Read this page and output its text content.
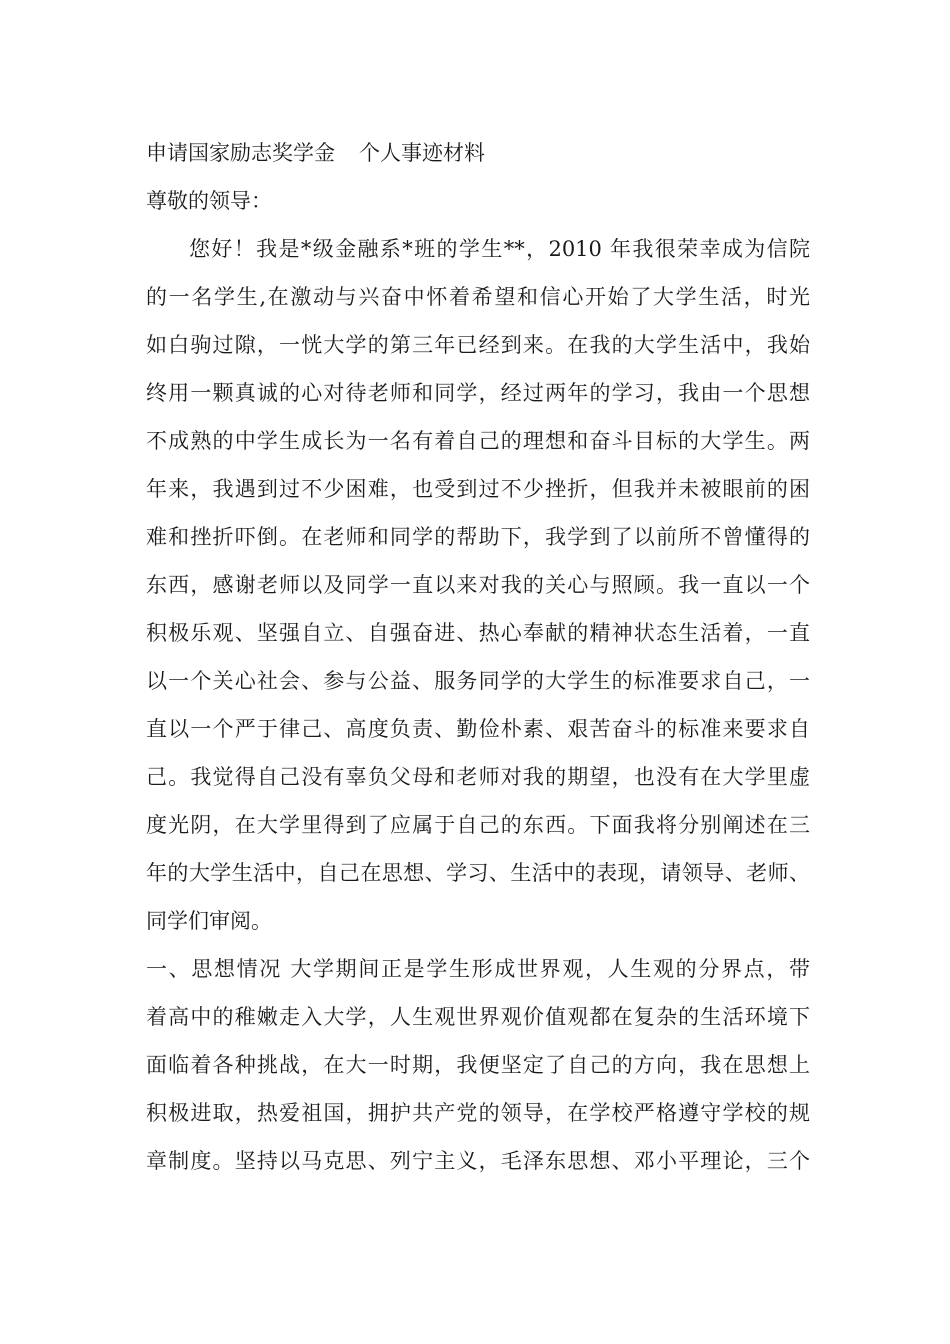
申请国家励志奖学金 个人事迹材料
尊敬的领导：
您好！我是*级金融系*班的学生**，2010 年我很荣幸成为信院
的一名学生,在激动与兴奋中怀着希望和信心开始了大学生活，时光
如白驹过隙，一恍大学的第三年已经到来。在我的大学生活中，我始
终用一颗真诚的心对待老师和同学，经过两年的学习，我由一个思想
不成熟的中学生成长为一名有着自己的理想和奋斗目标的大学生。两
年来，我遇到过不少困难，也受到过不少挫折，但我并未被眼前的困
难和挫折吓倒。在老师和同学的帮助下，我学到了以前所不曾懂得的
东西，感谢老师以及同学一直以来对我的关心与照顾。我一直以一个
积极乐观、坚强自立、自强奋进、热心奉献的精神状态生活着，一直
以一个关心社会、参与公益、服务同学的大学生的标准要求自己，一
直以一个严于律己、高度负责、勤俭朴素、艰苦奋斗的标准来要求自
己。我觉得自己没有辜负父母和老师对我的期望，也没有在大学里虚
度光阴，在大学里得到了应属于自己的东西。下面我将分别阐述在三
年的大学生活中，自己在思想、学习、生活中的表现，请领导、老师、
同学们审阅。
一、思想情况 大学期间正是学生形成世界观，人生观的分界点，带
着高中的稚嫩走入大学，人生观世界观价值观都在复杂的生活环境下
面临着各种挑战，在大一时期，我便坚定了自己的方向，我在思想上
积极进取，热爱祖国，拥护共产党的领导，在学校严格遵守学校的规
章制度。坚持以马克思、列宁主义，毛泽东思想、邓小平理论，三个
